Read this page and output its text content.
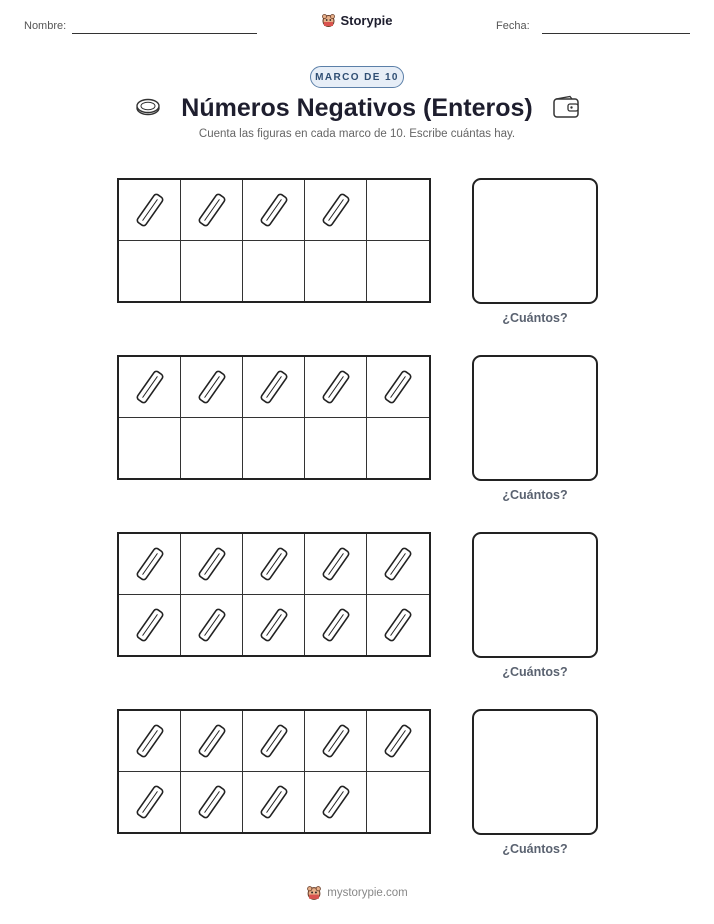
Nombre:	Storypie	Fecha:
MARCO DE 10
Números Negativos (Enteros)
Cuenta las figuras en cada marco de 10. Escribe cuántas hay.
¿Cuántos?
¿Cuántos?
¿Cuántos?
¿Cuántos?
mystorypie.com
